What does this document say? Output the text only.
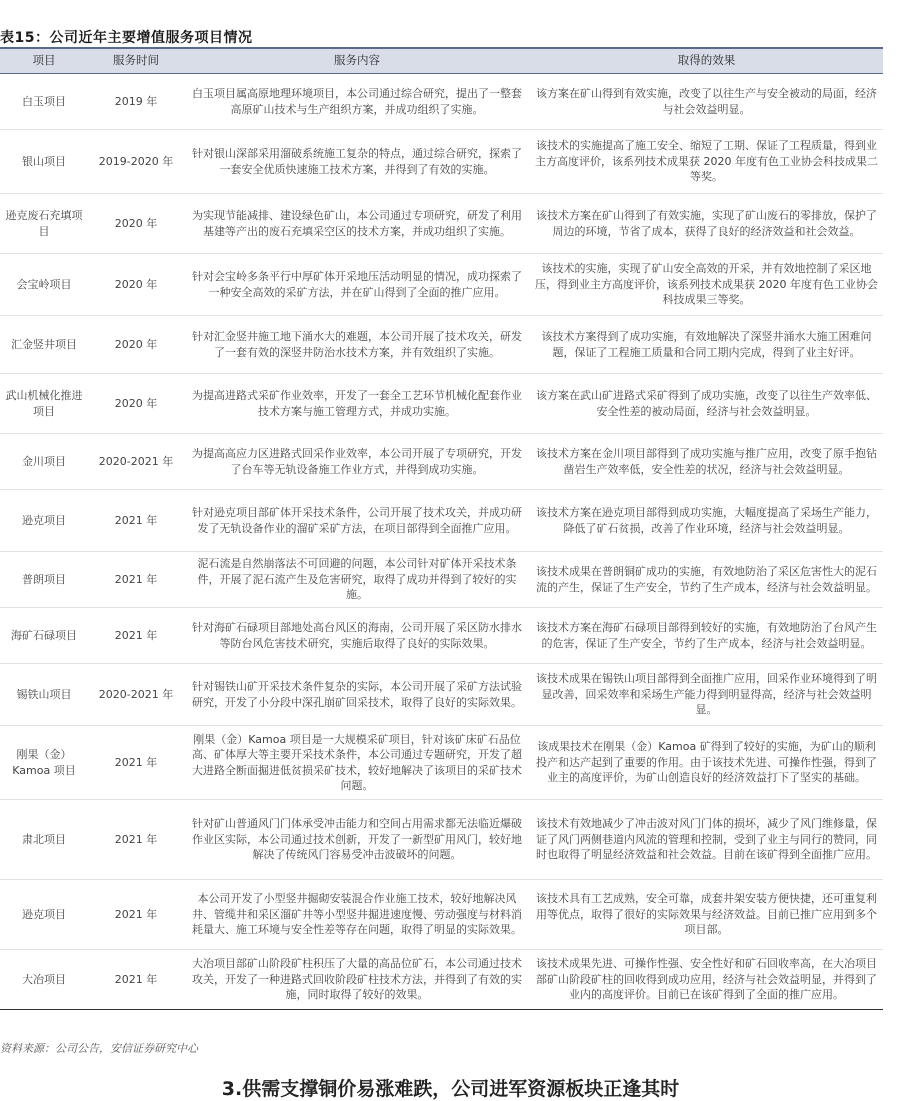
表15：公司近年主要增值服务项目情况
项目	服务时间	服务内容	取得的效果
白玉项目	2019 年	白玉项目属高原地理环境项目，本公司通过综合研究，提出了一整套高原矿山技术与生产组织方案，并成功组织了实施。	该方案在矿山得到有效实施，改变了以往生产与安全被动的局面，经济与社会效益明显。
银山项目	2019-2020 年	针对银山深部采用溜破系统施工复杂的特点，通过综合研究，探索了一套安全优质快速施工技术方案，并得到了有效的实施。	该技术的实施提高了施工安全、缩短了工期、保证了工程质量，得到业主方高度评价，该系列技术成果获 2020 年度有色工业协会科技成果二等奖。
逊克废石充填项目	2020 年	为实现节能减排、建设绿色矿山，本公司通过专项研究，研发了利用基建等产出的废石充填采空区的技术方案，并成功组织了实施。	该技术方案在矿山得到了有效实施，实现了矿山废石的零排放，保护了周边的环境，节省了成本，获得了良好的经济效益和社会效益。
会宝岭项目	2020 年	针对会宝岭多条平行中厚矿体开采地压活动明显的情况，成功探索了一种安全高效的采矿方法，并在矿山得到了全面的推广应用。	该技术的实施，实现了矿山安全高效的开采，并有效地控制了采区地压，得到业主方高度评价，该系列技术成果获 2020 年度有色工业协会科技成果三等奖。
汇金竖井项目	2020 年	针对汇金竖井施工地下涌水大的难题，本公司开展了技术攻关，研发了一套有效的深竖井防治水技术方案，并有效组织了实施。	该技术方案得到了成功实施，有效地解决了深竖井涌水大施工困难问题，保证了工程施工质量和合同工期内完成，得到了业主好评。
武山机械化推进项目	2020 年	为提高进路式采矿作业效率，开发了一套全工艺环节机械化配套作业技术方案与施工管理方式，并成功实施。	该方案在武山矿进路式采矿得到了成功实施，改变了以往生产效率低、安全性差的被动局面，经济与社会效益明显。
金川项目	2020-2021 年	为提高高应力区进路式回采作业效率，本公司开展了专项研究，开发了台车等无轨设备施工作业方式，并得到成功实施。	该技术方案在金川项目部得到了成功实施与推广应用，改变了原手抱钻凿岩生产效率低，安全性差的状况，经济与社会效益明显。
逊克项目	2021 年	针对逊克项目部矿体开采技术条件，公司开展了技术攻关，并成功研发了无轨设备作业的溜矿采矿方法，在项目部得到全面推广应用。	该技术方案在逊克项目部得到成功实施，大幅度提高了采场生产能力，降低了矿石贫损，改善了作业环境，经济与社会效益明显。
普朗项目	2021 年	泥石流是自然崩落法不可回避的问题，本公司针对矿体开采技术条件，开展了泥石流产生及危害研究，取得了成功并得到了较好的实施。	该技术成果在普朗铜矿成功的实施，有效地防治了采区危害性大的泥石流的产生，保证了生产安全，节约了生产成本，经济与社会效益明显。
海矿石碌项目	2021 年	针对海矿石碌项目部地处高台风区的海南，公司开展了采区防水排水等防台风危害技术研究，实施后取得了良好的实际效果。	该技术方案在海矿石碌项目部得到较好的实施，有效地防治了台风产生的危害，保证了生产安全，节约了生产成本，经济与社会效益明显。
锡铁山项目	2020-2021 年	针对锡铁山矿开采技术条件复杂的实际，本公司开展了采矿方法试验研究，开发了小分段中深孔崩矿回采技术，取得了良好的实际效果。	该技术成果在锡铁山项目部得到全面推广应用，回采作业环境得到了明显改善，回采效率和采场生产能力得到明显得高，经济与社会效益明显。
刚果（金）Kamoa 项目	2021 年	刚果（金）Kamoa 项目是一大规模采矿项目，针对该矿床矿石品位高、矿体厚大等主要开采技术条件，本公司通过专题研究，开发了超大进路全断面掘进低贫损采矿技术，较好地解决了该项目的采矿技术问题。	该成果技术在刚果（金）Kamoa 矿得到了较好的实施，为矿山的顺利投产和达产起到了重要的作用。由于该技术先进、可操作性强，得到了业主的高度评价，为矿山创造良好的经济效益打下了坚实的基础。
肃北项目	2021 年	针对矿山普通风门门体承受冲击能力和空间占用需求都无法临近爆破作业区实际，本公司通过技术创新，开发了一新型矿用风门，较好地解决了传统风门容易受冲击波破坏的问题。	该技术有效地减少了冲击波对风门门体的损坏，减少了风门维修量，保证了风门两侧巷道内风流的管理和控制，受到了业主与同行的赞同，同时也取得了明显经济效益和社会效益。目前在该矿得到全面推广应用。
逊克项目	2021 年	本公司开发了小型竖井掘砌安装混合作业施工技术，较好地解决风井、管缆井和采区溜矿井等小型竖井掘进速度慢、劳动强度与材料消耗量大、施工环境与安全性差等存在问题，取得了明显的实际效果。	该技术具有工艺成熟，安全可靠，成套井架安装方便快捷，还可重复利用等优点，取得了很好的实际效果与经济效益。目前已推广应用到多个项目部。
大冶项目	2021 年	大冶项目部矿山阶段矿柱积压了大量的高品位矿石，本公司通过技术攻关，开发了一种进路式回收阶段矿柱技术方法，并得到了有效的实施，同时取得了较好的效果。	该技术成果先进、可操作性强、安全性好和矿石回收率高，在大冶项目部矿山阶段矿柱的回收得到成功应用，经济与社会效益明显，并得到了业内的高度评价。目前已在该矿得到了全面的推广应用。
资料来源：公司公告，安信证券研究中心
3.供需支撑铜价易涨难跌，公司进军资源板块正逢其时
